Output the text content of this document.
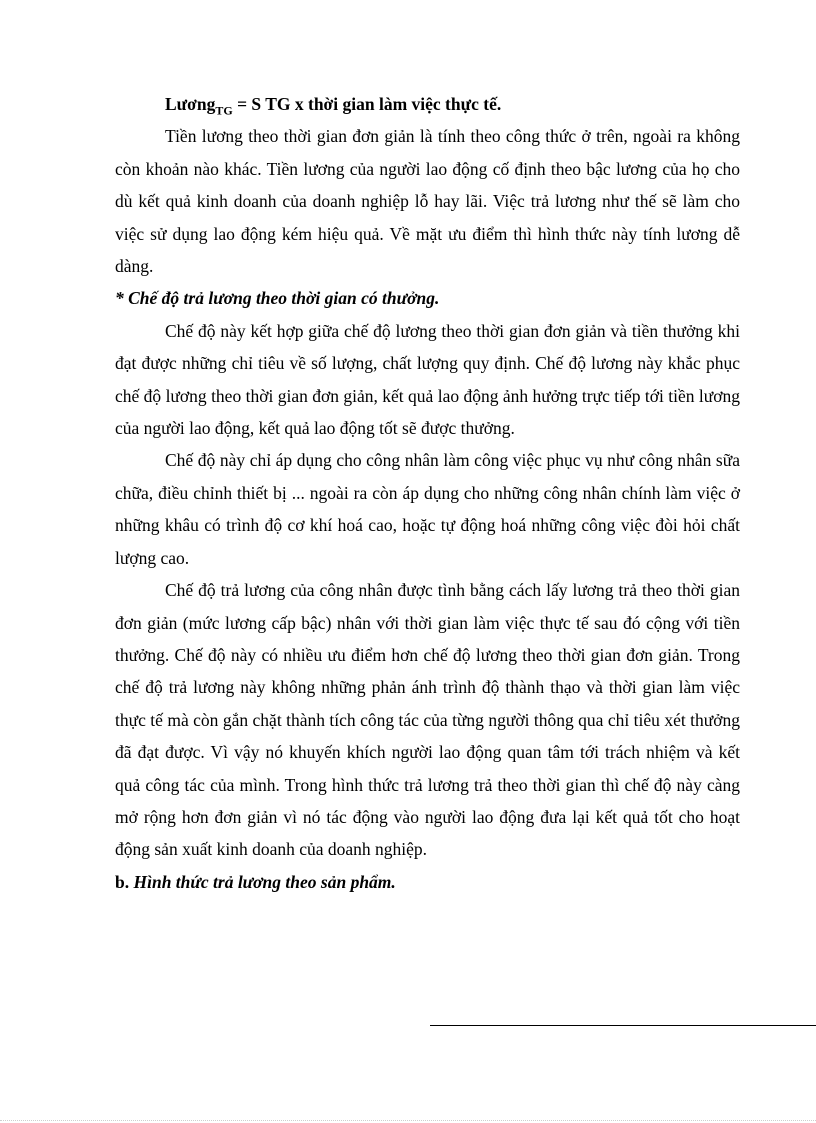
Lương$_{TG}$ = S TG x thời gian làm việc thực tế.

Tiền lương theo thời gian đơn giản là tính theo công thức ở trên, ngoài ra không còn khoản nào khác. Tiền lương của người lao động cố định theo bậc lương của họ cho dù kết quả kinh doanh của doanh nghiệp lỗ hay lãi. Việc trả lương như thế sẽ làm cho việc sử dụng lao động kém hiệu quả. Về mặt ưu điểm thì hình thức này tính lương dễ dàng.

* Chế độ trả lương theo thời gian có thưởng.

Chế độ này kết hợp giữa chế độ lương theo thời gian đơn giản và tiền thưởng khi đạt được những chỉ tiêu về số lượng, chất lượng quy định. Chế độ lương này khắc phục chế độ lương theo thời gian đơn giản, kết quả lao động ảnh hưởng trực tiếp tới tiền lương của người lao động, kết quả lao động tốt sẽ được thưởng.

Chế độ này chỉ áp dụng cho công nhân làm công việc phục vụ như công nhân sữa chữa, điều chỉnh thiết bị ... ngoài ra còn áp dụng cho những công nhân chính làm việc ở những khâu có trình độ cơ khí hoá cao, hoặc tự động hoá những công việc đòi hỏi chất lượng cao.

Chế độ trả lương của công nhân được tình bằng cách lấy lương trả theo thời gian đơn giản (mức lương cấp bậc) nhân với thời gian làm việc thực tế sau đó cộng với tiền thưởng. Chế độ này có nhiều ưu điểm hơn chế độ lương theo thời gian đơn giản. Trong chế độ trả lương này không những phản ánh trình độ thành thạo và thời gian làm việc thực tế mà còn gắn chặt thành tích công tác của từng người thông qua chỉ tiêu xét thưởng đã đạt được. Vì vậy nó khuyến khích người lao động quan tâm tới trách nhiệm và kết quả công tác của mình. Trong hình thức trả lương trả theo thời gian thì chế độ này càng mở rộng hơn đơn giản vì nó tác động vào người lao động đưa lại kết quả tốt cho hoạt động sản xuất kinh doanh của doanh nghiệp.

b. Hình thức trả lương theo sản phẩm.
